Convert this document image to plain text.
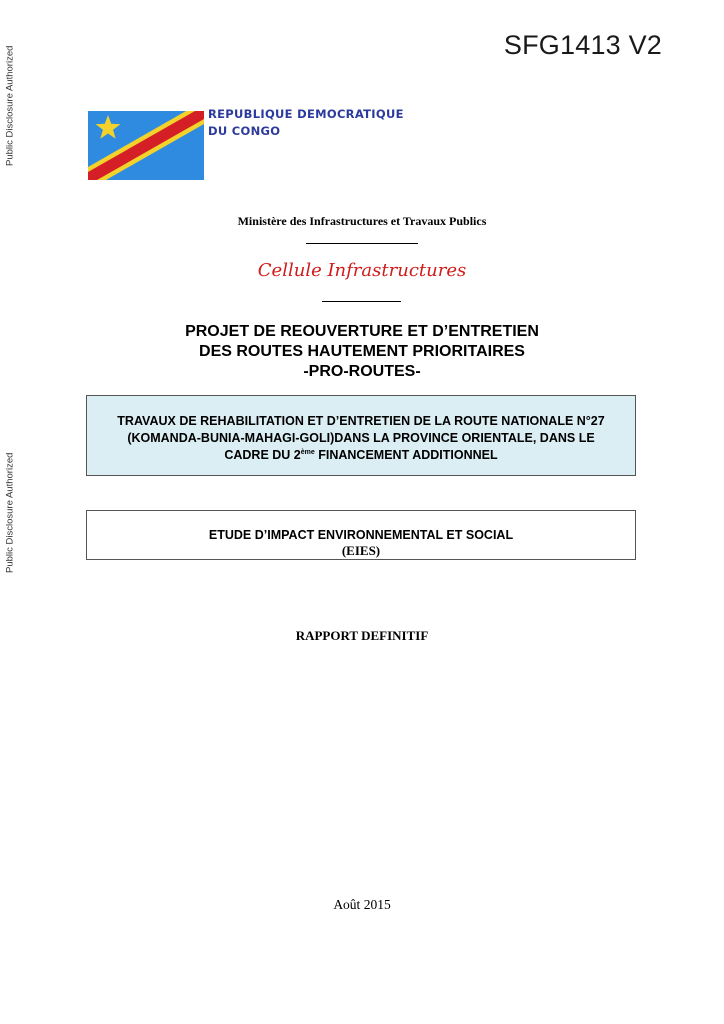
Public Disclosure Authorized
Public Disclosure Authorized
SFG1413 V2
REPUBLIQUE DEMOCRATIQUE
DU CONGO
Ministère des Infrastructures et Travaux Publics
Cellule Infrastructures
PROJET DE REOUVERTURE ET D’ENTRETIEN
DES ROUTES HAUTEMENT PRIORITAIRES
-PRO-ROUTES-
TRAVAUX DE REHABILITATION ET D’ENTRETIEN DE LA ROUTE NATIONALE N°27
(KOMANDA-BUNIA-MAHAGI-GOLI)DANS LA PROVINCE ORIENTALE, DANS LE
CADRE DU 2ème FINANCEMENT ADDITIONNEL
ETUDE D’IMPACT ENVIRONNEMENTAL ET SOCIAL
(EIES)
RAPPORT DEFINITIF
Août 2015
